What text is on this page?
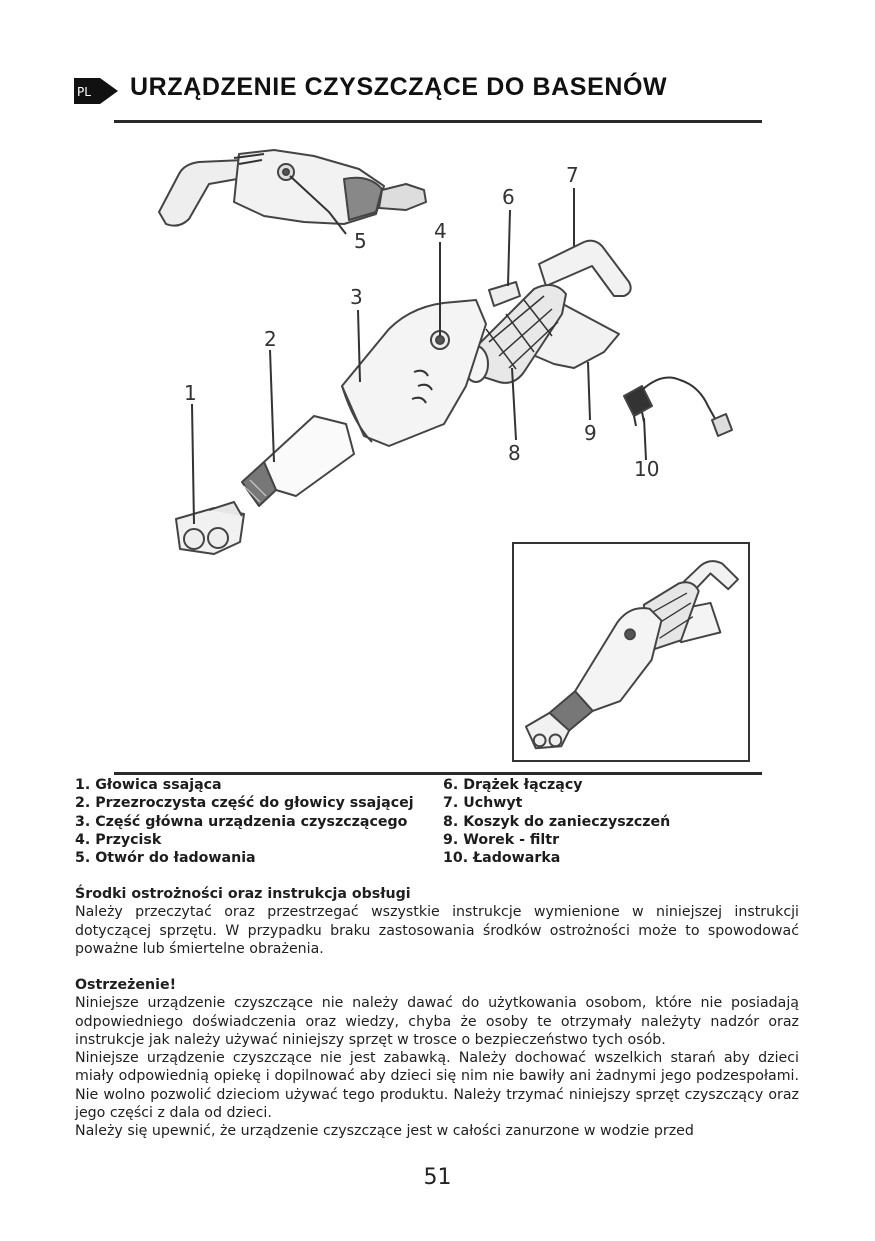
PL URZĄDZENIE CZYSZCZĄCE DO BASENÓW
1
2
3
4
5
6
7
8
9
10
1. Głowica ssająca
2. Przezroczysta część do głowicy ssającej
3. Część główna urządzenia czyszczącego
4. Przycisk
5. Otwór do ładowania
6. Drążek łączący
7. Uchwyt
8. Koszyk do zanieczyszczeń
9. Worek - filtr
10. Ładowarka
Środki ostrożności oraz instrukcja obsługi

Należy przeczytać oraz przestrzegać wszystkie instrukcje wymienione w niniejszej instrukcji dotyczącej sprzętu. W przypadku braku zastosowania środków ostrożności może to spowodować poważne lub śmiertelne obrażenia.

Ostrzeżenie!

Niniejsze urządzenie czyszczące nie należy dawać do użytkowania osobom, które nie posiadają odpowiedniego doświadczenia oraz wiedzy, chyba że osoby te otrzymały należyty nadzór oraz instrukcje jak należy używać niniejszy sprzęt w trosce o bezpieczeństwo tych osób.

Niniejsze urządzenie czyszczące nie jest zabawką. Należy dochować wszelkich starań aby dzieci miały odpowiednią opiekę i dopilnować aby dzieci się nim nie bawiły ani żadnymi jego podzespołami. Nie wolno pozwolić dzieciom używać tego produktu. Należy trzymać niniejszy sprzęt czyszczący oraz jego części z dala od dzieci.

Należy się upewnić, że urządzenie czyszczące jest w całości zanurzone w wodzie przed

51
